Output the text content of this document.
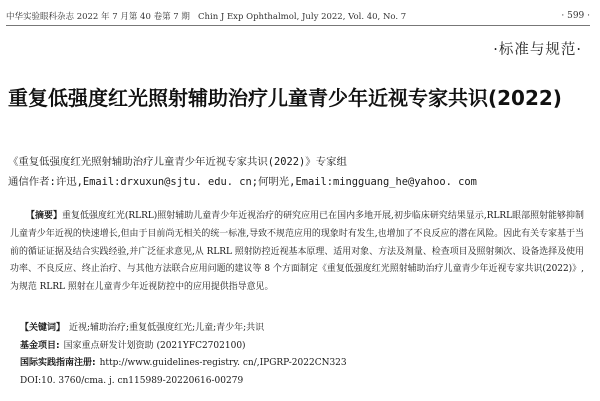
中华实验眼科杂志 2022 年 7 月第 40 卷第 7 期 Chin J Exp Ophthalmol, July 2022, Vol. 40, No. 7	· 599 ·
·标准与规范·
重复低强度红光照射辅助治疗儿童青少年近视专家共识(2022)
《重复低强度红光照射辅助治疗儿童青少年近视专家共识(2022)》专家组
通信作者:许迅,Email:drxuxun@sjtu. edu. cn;何明光,Email:mingguang_he@yahoo. com
【摘要】重复低强度红光(RLRL)照射辅助儿童青少年近视治疗的研究应用已在国内多地开展,初步临床研究结果显示,RLRL眼部照射能够抑制儿童青少年近视的快速增长,但由于目前尚无相关的统一标准,导致不规范应用的现象时有发生,也增加了不良反应的潜在风险。因此有关专家基于当前的循证证据及结合实践经验,并广泛征求意见,从 RLRL 照射防控近视基本原理、适用对象、方法及剂量、检查项目及照射频次、设备选择及使用功率、不良反应、终止治疗、与其他方法联合应用问题的建议等 8 个方面制定《重复低强度红光照射辅助治疗儿童青少年近视专家共识(2022)》,为规范 RLRL 照射在儿童青少年近视防控中的应用提供指导意见。
【关键词】 近视;辅助治疗;重复低强度红光;儿童;青少年;共识
基金项目: 国家重点研发计划资助 (2021YFC2702100)
国际实践指南注册: http://www.guidelines-registry. cn/,IPGRP-2022CN323
DOI:10. 3760/cma. j. cn115989-20220616-00279
